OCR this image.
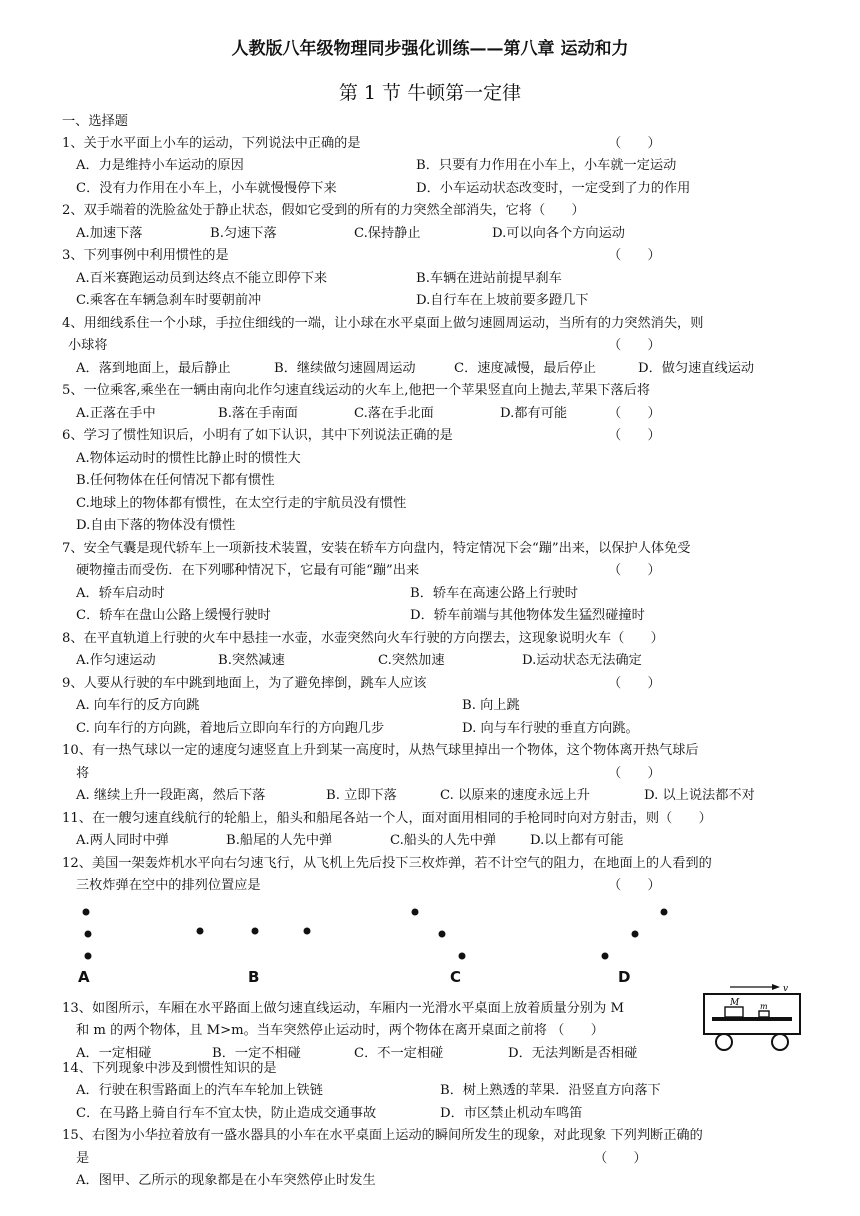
人教版八年级物理同步强化训练——第八章 运动和力
第 1 节 牛顿第一定律
一、选择题
1、关于水平面上小车的运动，下列说法中正确的是
A．力是维持小车运动的原因	B．只要有力作用在小车上，小车就一定运动
C．没有力作用在小车上，小车就慢慢停下来	D．小车运动状态改变时，一定受到了力的作用
2、双手端着的洗脸盆处于静止状态，假如它受到的所有的力突然全部消失，它将（　　）
A.加速下落	B.匀速下落	C.保持静止	D.可以向各个方向运动
3、下列事例中利用惯性的是
A.百米赛跑运动员到达终点不能立即停下来	B.车辆在进站前提早刹车
C.乘客在车辆急刹车时要朝前冲	D.自行车在上坡前要多蹬几下
4、用细线系住一个小球，手拉住细线的一端，让小球在水平桌面上做匀速圆周运动，当所有的力突然消失，则
小球将
A．落到地面上，最后静止	B．继续做匀速圆周运动	C．速度减慢，最后停止	D．做匀速直线运动
5、一位乘客,乘坐在一辆由南向北作匀速直线运动的火车上,他把一个苹果竖直向上抛去,苹果下落后将
A.正落在手中	B.落在手南面	C.落在手北面	D.都有可能
6、学习了惯性知识后，小明有了如下认识，其中下列说法正确的是
A.物体运动时的惯性比静止时的惯性大
B.任何物体在任何情况下都有惯性
C.地球上的物体都有惯性，在太空行走的宇航员没有惯性
D.自由下落的物体没有惯性
7、安全气囊是现代轿车上一项新技术装置，安装在轿车方向盘内，特定情况下会“蹦”出来，以保护人体免受
硬物撞击而受伤．在下列哪种情况下，它最有可能“蹦”出来
A．轿车启动时	B．轿车在高速公路上行驶时
C．轿车在盘山公路上缓慢行驶时	D．轿车前端与其他物体发生猛烈碰撞时
8、在平直轨道上行驶的火车中悬挂一水壶，水壶突然向火车行驶的方向摆去，这现象说明火车（　　）
A.作匀速运动	B.突然减速	C.突然加速	D.运动状态无法确定
9、人要从行驶的车中跳到地面上，为了避免摔倒，跳车人应该
A. 向车行的反方向跳	B. 向上跳
C. 向车行的方向跳，着地后立即向车行的方向跑几步	D. 向与车行驶的垂直方向跳。
10、有一热气球以一定的速度匀速竖直上升到某一高度时，从热气球里掉出一个物体，这个物体离开热气球后
将
A. 继续上升一段距离，然后下落	B. 立即下落	C. 以原来的速度永远上升	D. 以上说法都不对
11、在一艘匀速直线航行的轮船上，船头和船尾各站一个人，面对面用相同的手枪同时向对方射击，则（　　）
A.两人同时中弹	B.船尾的人先中弹	C.船头的人先中弹	D.以上都有可能
12、美国一架轰炸机水平向右匀速飞行，从飞机上先后投下三枚炸弹，若不计空气的阻力，在地面上的人看到的
三枚炸弹在空中的排列位置应是
13、如图所示，车厢在水平路面上做匀速直线运动，车厢内一光滑水平桌面上放着质量分别为 M
和 m 的两个物体，且 M>m。当车突然停止运动时，两个物体在离开桌面之前将 （　　）
A．一定相碰	B．一定不相碰	C．不一定相碰	D．无法判断是否相碰
14、下列现象中涉及到惯性知识的是
A．行驶在积雪路面上的汽车车轮加上铁链	B．树上熟透的苹果．沿竖直方向落下
C．在马路上骑自行车不宜太快，防止造成交通事故	D．市区禁止机动车鸣笛
15、右图为小华拉着放有一盛水器具的小车在水平桌面上运动的瞬间所发生的现象，对此现象 下列判断正确的
是
A．图甲、乙所示的现象都是在小车突然停止时发生
（　　）
（　　）
（　　）
（　　）
（　　）
（　　）
（　　）
（　　）
（　　）
（　　）
A	B	C	D
v
M	m
